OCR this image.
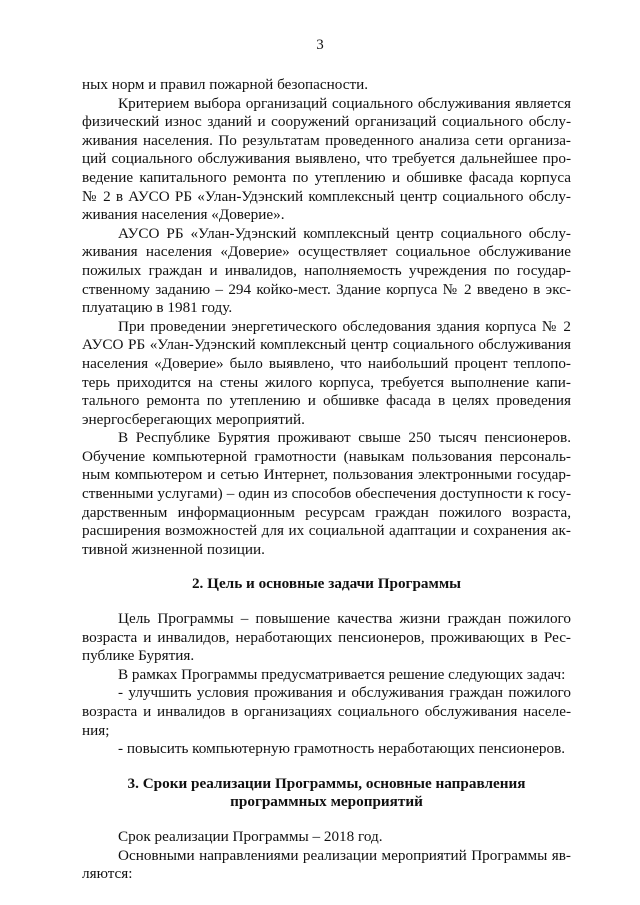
3
ных норм и правил пожарной безопасности.
Критерием выбора организаций социального обслуживания является
физический износ зданий и сооружений организаций социального обслу-
живания населения. По результатам проведенного анализа сети организа-
ций социального обслуживания выявлено, что требуется дальнейшее про-
ведение капитального ремонта по утеплению и обшивке фасада корпуса
№ 2 в АУСО РБ «Улан-Удэнский комплексный центр социального обслу-
живания населения «Доверие».
АУСО РБ «Улан-Удэнский комплексный центр социального обслу-
живания населения «Доверие» осуществляет социальное обслуживание
пожилых граждан и инвалидов, наполняемость учреждения по государ-
ственному заданию – 294 койко-мест. Здание корпуса № 2 введено в экс-
плуатацию в 1981 году.
При проведении энергетического обследования здания корпуса № 2
АУСО РБ «Улан-Удэнский комплексный центр социального обслуживания
населения «Доверие» было выявлено, что наибольший процент теплопо-
терь приходится на стены жилого корпуса, требуется выполнение капи-
тального ремонта по утеплению и обшивке фасада в целях проведения
энергосберегающих мероприятий.
В Республике Бурятия проживают свыше 250 тысяч пенсионеров.
Обучение компьютерной грамотности (навыкам пользования персональ-
ным компьютером и сетью Интернет, пользования электронными государ-
ственными услугами) – один из способов обеспечения доступности к госу-
дарственным информационным ресурсам граждан пожилого возраста,
расширения возможностей для их социальной адаптации и сохранения ак-
тивной жизненной позиции.
2. Цель и основные задачи Программы
Цель Программы – повышение качества жизни граждан пожилого
возраста и инвалидов, неработающих пенсионеров, проживающих в Рес-
публике Бурятия.
В рамках Программы предусматривается решение следующих задач:
- улучшить условия проживания и обслуживания граждан пожилого
возраста и инвалидов в организациях социального обслуживания населе-
ния;
- повысить компьютерную грамотность неработающих пенсионеров.
3. Сроки реализации Программы, основные направления
программных мероприятий
Срок реализации Программы – 2018 год.
Основными направлениями реализации мероприятий Программы яв-
ляются:
